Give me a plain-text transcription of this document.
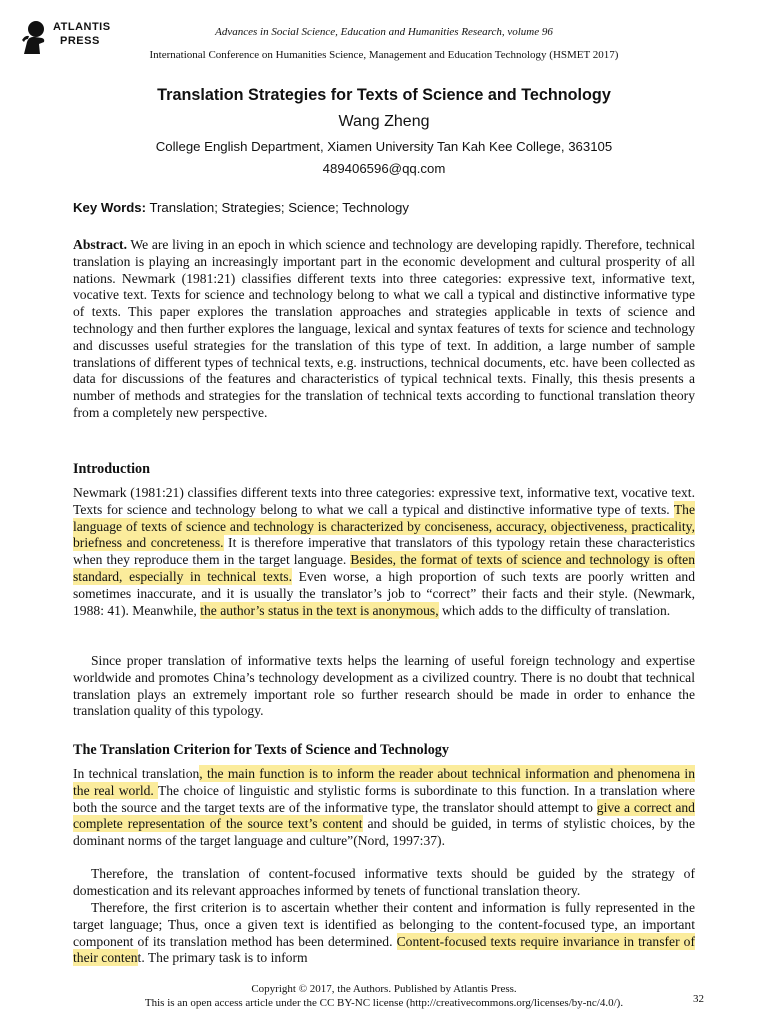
ATLANTIS
PRESS
Advances in Social Science, Education and Humanities Research, volume 96
International Conference on Humanities Science, Management and Education Technology (HSMET 2017)
Translation Strategies for Texts of Science and Technology
Wang Zheng
College English Department, Xiamen University Tan Kah Kee College, 363105
489406596@qq.com
Key Words: Translation; Strategies; Science; Technology
Abstract. We are living in an epoch in which science and technology are developing rapidly. Therefore, technical translation is playing an increasingly important part in the economic development and cultural prosperity of all nations. Newmark (1981:21) classifies different texts into three categories: expressive text, informative text, vocative text. Texts for science and technology belong to what we call a typical and distinctive informative type of texts. This paper explores the translation approaches and strategies applicable in texts of science and technology and then further explores the language, lexical and syntax features of texts for science and technology and discusses useful strategies for the translation of this type of text. In addition, a large number of sample translations of different types of technical texts, e.g. instructions, technical documents, etc. have been collected as data for discussions of the features and characteristics of typical technical texts. Finally, this thesis presents a number of methods and strategies for the translation of technical texts according to functional translation theory from a completely new perspective.
Introduction
Newmark (1981:21) classifies different texts into three categories: expressive text, informative text, vocative text. Texts for science and technology belong to what we call a typical and distinctive informative type of texts. The language of texts of science and technology is characterized by conciseness, accuracy, objectiveness, practicality, briefness and concreteness. It is therefore imperative that translators of this typology retain these characteristics when they reproduce them in the target language. Besides, the format of texts of science and technology is often standard, especially in technical texts. Even worse, a high proportion of such texts are poorly written and sometimes inaccurate, and it is usually the translator’s job to “correct” their facts and their style. (Newmark, 1988: 41). Meanwhile, the author’s status in the text is anonymous, which adds to the difficulty of translation.
Since proper translation of informative texts helps the learning of useful foreign technology and expertise worldwide and promotes China’s technology development as a civilized country. There is no doubt that technical translation plays an extremely important role so further research should be made in order to enhance the translation quality of this typology.
The Translation Criterion for Texts of Science and Technology
In technical translation, the main function is to inform the reader about technical information and phenomena in the real world. The choice of linguistic and stylistic forms is subordinate to this function. In a translation where both the source and the target texts are of the informative type, the translator should attempt to give a correct and complete representation of the source text’s content and should be guided, in terms of stylistic choices, by the dominant norms of the target language and culture”(Nord, 1997:37).
Therefore, the translation of content-focused informative texts should be guided by the strategy of domestication and its relevant approaches informed by tenets of functional translation theory.
Therefore, the first criterion is to ascertain whether their content and information is fully represented in the target language; Thus, once a given text is identified as belonging to the content-focused type, an important component of its translation method has been determined. Content-focused texts require invariance in transfer of their content. The primary task is to inform
Copyright © 2017, the Authors. Published by Atlantis Press.
This is an open access article under the CC BY-NC license (http://creativecommons.org/licenses/by-nc/4.0/).	32
